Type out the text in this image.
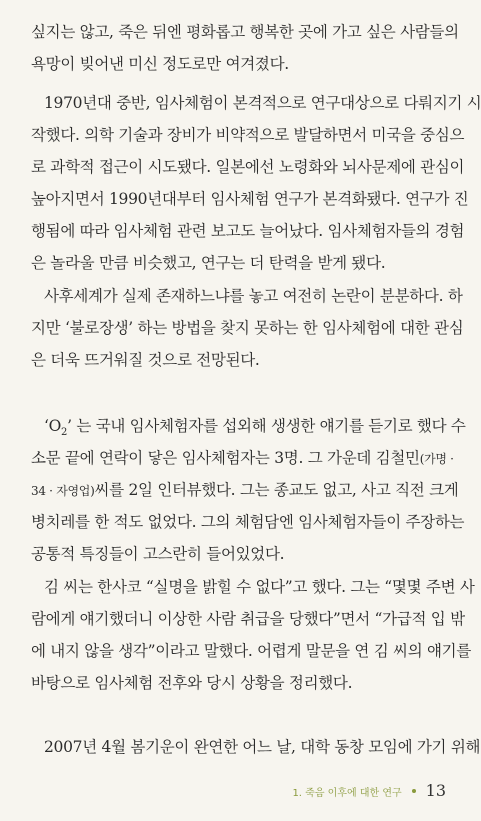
싶지는 않고, 죽은 뒤엔 평화롭고 행복한 곳에 가고 싶은 사람들의
욕망이 빚어낸 미신 정도로만 여겨졌다.
1970년대 중반, 임사체험이 본격적으로 연구대상으로 다뤄지기 시
작했다. 의학 기술과 장비가 비약적으로 발달하면서 미국을 중심으
로 과학적 접근이 시도됐다. 일본에선 노령화와 뇌사문제에 관심이
높아지면서 1990년대부터 임사체험 연구가 본격화됐다. 연구가 진
행됨에 따라 임사체험 관련 보고도 늘어났다. 임사체험자들의 경험
은 놀라울 만큼 비슷했고, 연구는 더 탄력을 받게 됐다.
사후세계가 실제 존재하느냐를 놓고 여전히 논란이 분분하다. 하
지만 ‘불로장생’ 하는 방법을 찾지 못하는 한 임사체험에 대한 관심
은 더욱 뜨거워질 것으로 전망된다.
‘$O_2$’ 는 국내 임사체험자를 섭외해 생생한 얘기를 듣기로 했다 수
소문 끝에 연락이 닿은 임사체험자는 3명. 그 가운데 김철민(가명 ·
34 · 자영업)씨를 2일 인터뷰했다. 그는 종교도 없고, 사고 직전 크게
병치레를 한 적도 없었다. 그의 체험담엔 임사체험자들이 주장하는
공통적 특징들이 고스란히 들어있었다.
김 씨는 한사코 “실명을 밝힐 수 없다”고 했다. 그는 “몇몇 주변 사
람에게 얘기했더니 이상한 사람 취급을 당했다”면서 “가급적 입 밖
에 내지 않을 생각”이라고 말했다. 어렵게 말문을 연 김 씨의 얘기를
바탕으로 임사체험 전후와 당시 상황을 정리했다.
2007년 4월 봄기운이 완연한 어느 날, 대학 동창 모임에 가기 위해
1. 죽음 이후에 대한 연구 13
